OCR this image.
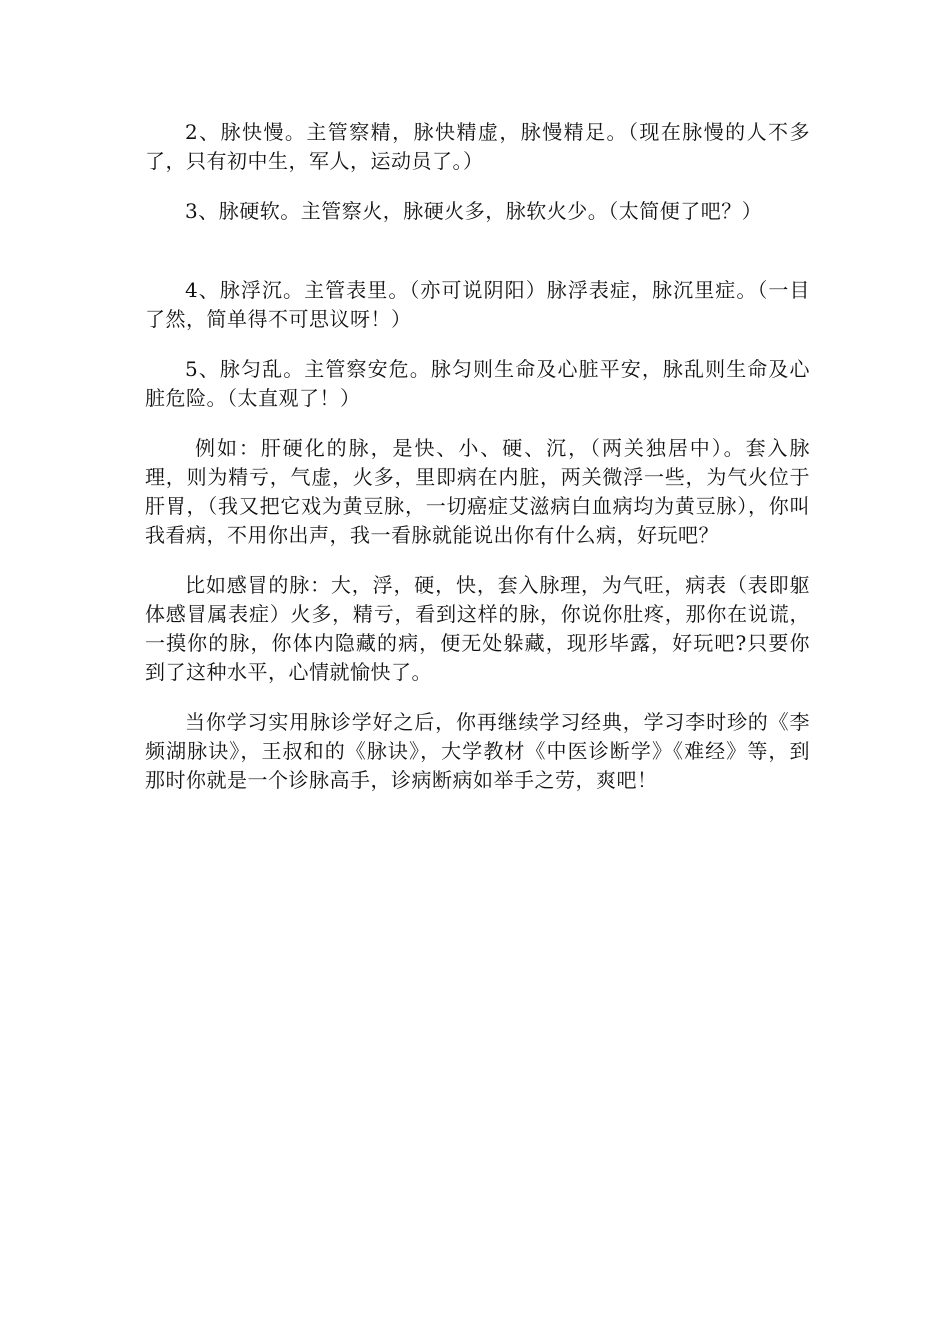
2、脉快慢。主管察精，脉快精虚，脉慢精足。（现在脉慢的人不多了，只有初中生，军人，运动员了。）

3、脉硬软。主管察火，脉硬火多，脉软火少。（太简便了吧？）

4、脉浮沉。主管表里。（亦可说阴阳）脉浮表症，脉沉里症。（一目了然，简单得不可思议呀！）

5、脉匀乱。主管察安危。脉匀则生命及心脏平安，脉乱则生命及心脏危险。（太直观了！）

例如：肝硬化的脉，是快、小、硬、沉，（两关独居中）。套入脉理，则为精亏，气虚，火多，里即病在内脏，两关微浮一些，为气火位于肝胃，（我又把它戏为黄豆脉，一切癌症艾滋病白血病均为黄豆脉），你叫我看病，不用你出声，我一看脉就能说出你有什么病，好玩吧？

比如感冒的脉：大，浮，硬，快，套入脉理，为气旺，病表（表即躯体感冒属表症）火多，精亏，看到这样的脉，你说你肚疼，那你在说谎，一摸你的脉，你体内隐藏的病，便无处躲藏，现形毕露，好玩吧?只要你到了这种水平，心情就愉快了。

当你学习实用脉诊学好之后，你再继续学习经典，学习李时珍的《李频湖脉诀》，王叔和的《脉诀》，大学教材《中医诊断学》《难经》等，到那时你就是一个诊脉高手，诊病断病如举手之劳，爽吧！
